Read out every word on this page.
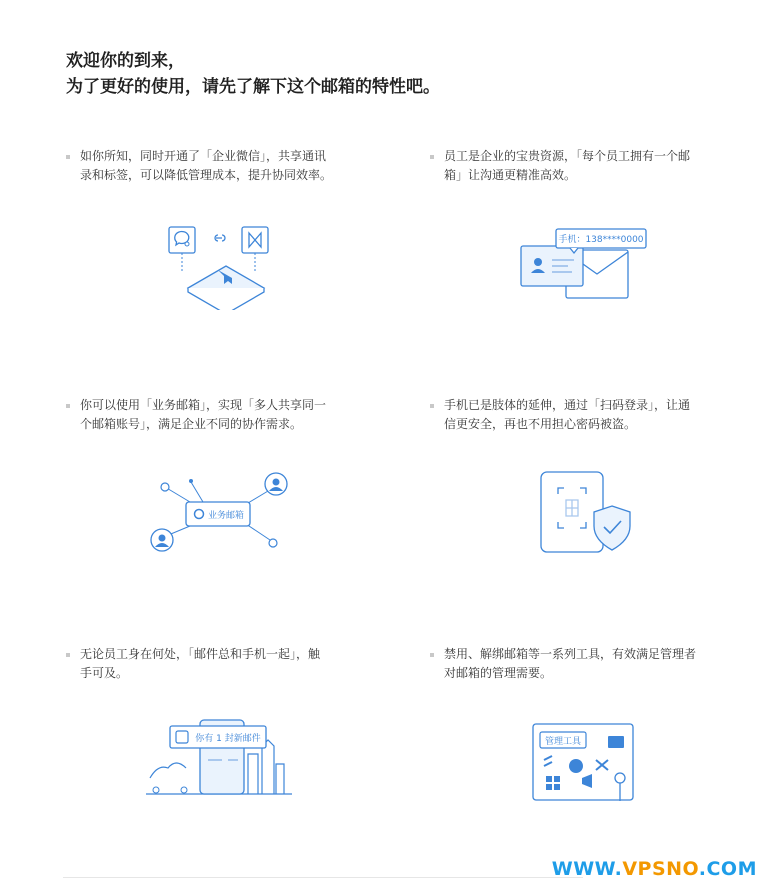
欢迎你的到来，
为了更好的使用，请先了解下这个邮箱的特性吧。
如你所知，同时开通了「企业微信」，共享通讯
录和标签，可以降低管理成本，提升协同效率。
员工是企业的宝贵资源，「每个员工拥有一个邮
箱」让沟通更精准高效。
手机：138****0000
你可以使用「业务邮箱」，实现「多人共享同一
个邮箱账号」，满足企业不同的协作需求。
业务邮箱
手机已是肢体的延伸，通过「扫码登录」，让通
信更安全，再也不用担心密码被盗。
无论员工身在何处，「邮件总和手机一起」，触
手可及。
你有 1 封新邮件
禁用、解绑邮箱等一系列工具，有效满足管理者
对邮箱的管理需要。
管理工具
WWW.VPSNO.COM
